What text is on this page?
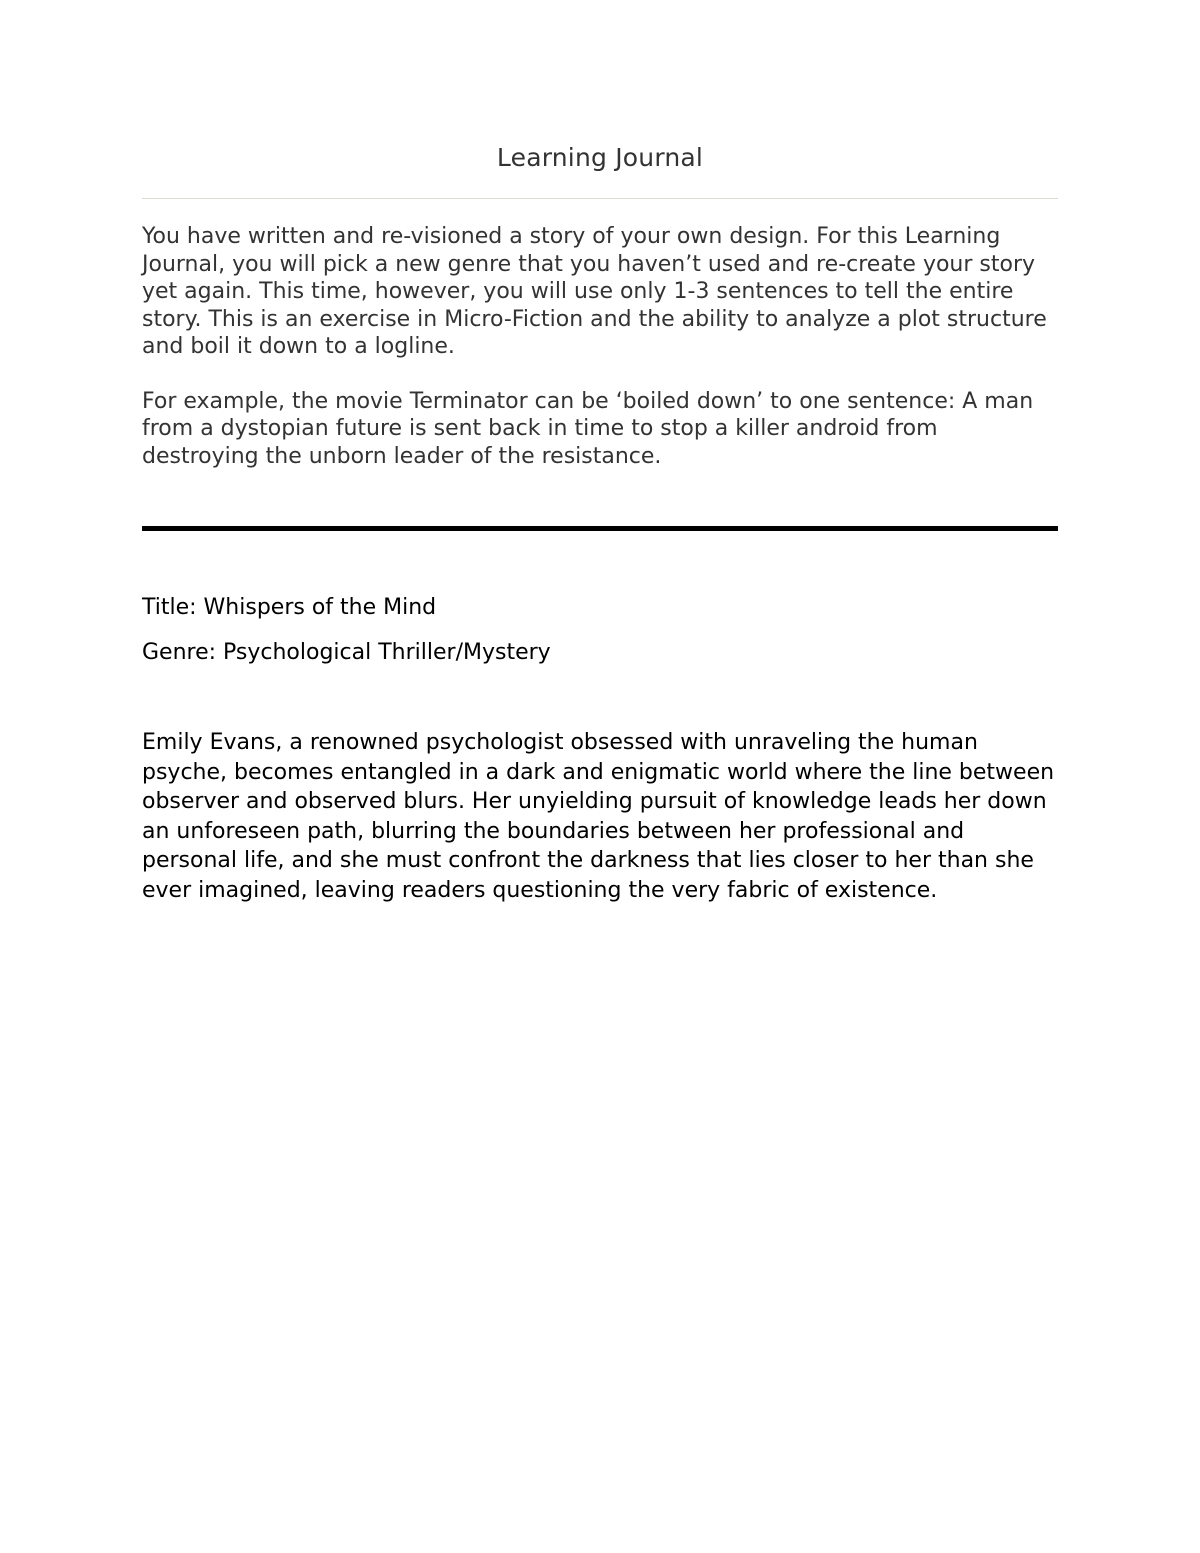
Learning Journal

You have written and re-visioned a story of your own design. For this Learning Journal, you will pick a new genre that you haven’t used and re-create your story yet again. This time, however, you will use only 1-3 sentences to tell the entire story. This is an exercise in Micro-Fiction and the ability to analyze a plot structure and boil it down to a logline.

For example, the movie Terminator can be ‘boiled down’ to one sentence: A man from a dystopian future is sent back in time to stop a killer android from destroying the unborn leader of the resistance.

Title: Whispers of the Mind

Genre: Psychological Thriller/Mystery

Emily Evans, a renowned psychologist obsessed with unraveling the human psyche, becomes entangled in a dark and enigmatic world where the line between observer and observed blurs. Her unyielding pursuit of knowledge leads her down an unforeseen path, blurring the boundaries between her professional and personal life, and she must confront the darkness that lies closer to her than she ever imagined, leaving readers questioning the very fabric of existence.
